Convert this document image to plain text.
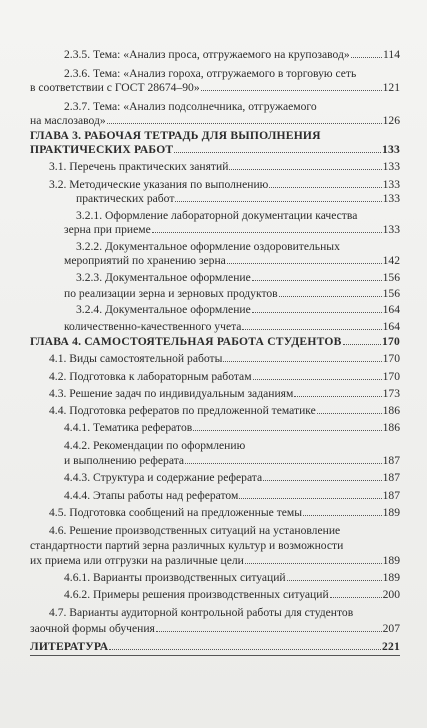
2.3.5. Тема: «Анализ проса, отгружаемого на крупозавод»	114
2.3.6. Тема: «Анализ гороха, отгружаемого в торговую сеть
в соответствии с ГОСТ 28674–90»	121
2.3.7. Тема: «Анализ подсолнечника, отгружаемого
на маслозавод»	126
ГЛАВА 3. РАБОЧАЯ ТЕТРАДЬ ДЛЯ ВЫПОЛНЕНИЯ
ПРАКТИЧЕСКИХ РАБОТ	133
3.1. Перечень практических занятий	133
3.2. Методические указания по выполнению	133
практических работ	133
3.2.1. Оформление лабораторной документации качества
зерна при приеме	133
3.2.2. Документальное оформление оздоровительных
мероприятий по хранению зерна	142
3.2.3. Документальное оформление	156
по реализации зерна и зерновых продуктов	156
3.2.4. Документальное оформление	164
количественно-качественного учета	164
ГЛАВА 4. САМОСТОЯТЕЛЬНАЯ РАБОТА СТУДЕНТОВ	170
4.1. Виды самостоятельной работы	170
4.2. Подготовка к лабораторным работам	170
4.3. Решение задач по индивидуальным заданиям	173
4.4. Подготовка рефератов по предложенной тематике	186
4.4.1. Тематика рефератов	186
4.4.2. Рекомендации по оформлению
и выполнению реферата	187
4.4.3. Структура и содержание реферата	187
4.4.4. Этапы работы над рефератом	187
4.5. Подготовка сообщений на предложенные темы	189
4.6. Решение производственных ситуаций на установление
стандартности партий зерна различных культур и возможности
их приема или отгрузки на различные цели	189
4.6.1. Варианты производственных ситуаций	189
4.6.2. Примеры решения производственных ситуаций	200
4.7. Варианты аудиторной контрольной работы для студентов
заочной формы обучения	207
ЛИТЕРАТУРА	221
